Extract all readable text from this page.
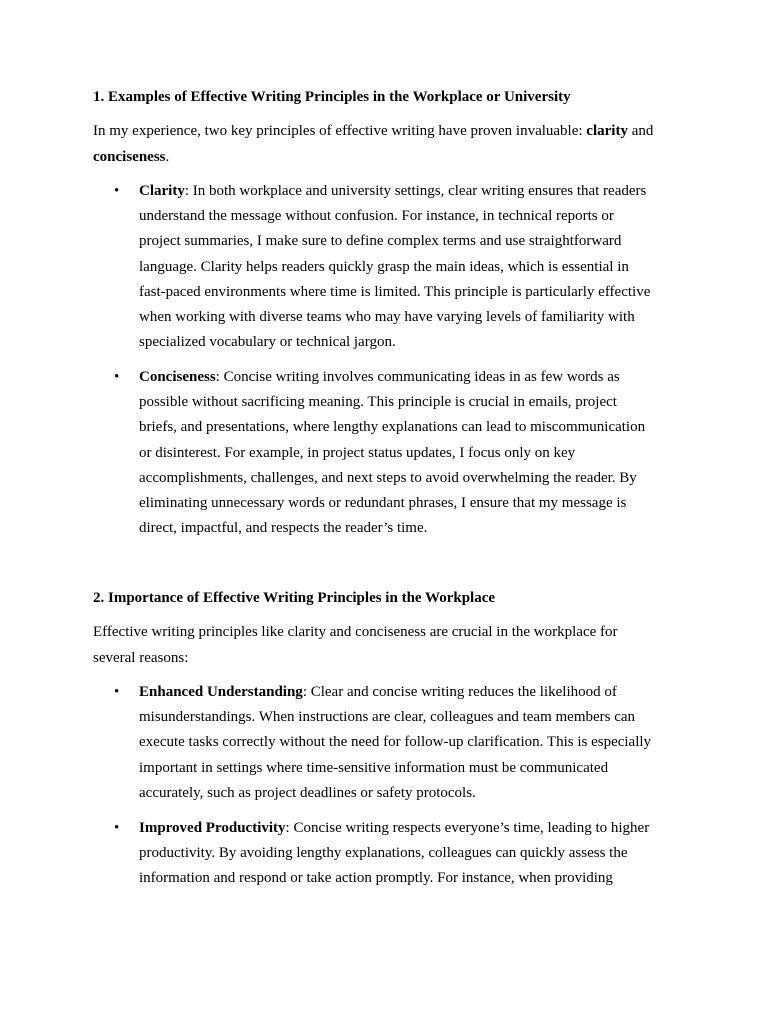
1. Examples of Effective Writing Principles in the Workplace or University
In my experience, two key principles of effective writing have proven invaluable: clarity and
conciseness.
• Clarity: In both workplace and university settings, clear writing ensures that readers
understand the message without confusion. For instance, in technical reports or
project summaries, I make sure to define complex terms and use straightforward
language. Clarity helps readers quickly grasp the main ideas, which is essential in
fast-paced environments where time is limited. This principle is particularly effective
when working with diverse teams who may have varying levels of familiarity with
specialized vocabulary or technical jargon.
• Conciseness: Concise writing involves communicating ideas in as few words as
possible without sacrificing meaning. This principle is crucial in emails, project
briefs, and presentations, where lengthy explanations can lead to miscommunication
or disinterest. For example, in project status updates, I focus only on key
accomplishments, challenges, and next steps to avoid overwhelming the reader. By
eliminating unnecessary words or redundant phrases, I ensure that my message is
direct, impactful, and respects the reader’s time.
2. Importance of Effective Writing Principles in the Workplace
Effective writing principles like clarity and conciseness are crucial in the workplace for
several reasons:
• Enhanced Understanding: Clear and concise writing reduces the likelihood of
misunderstandings. When instructions are clear, colleagues and team members can
execute tasks correctly without the need for follow-up clarification. This is especially
important in settings where time-sensitive information must be communicated
accurately, such as project deadlines or safety protocols.
• Improved Productivity: Concise writing respects everyone’s time, leading to higher
productivity. By avoiding lengthy explanations, colleagues can quickly assess the
information and respond or take action promptly. For instance, when providing
